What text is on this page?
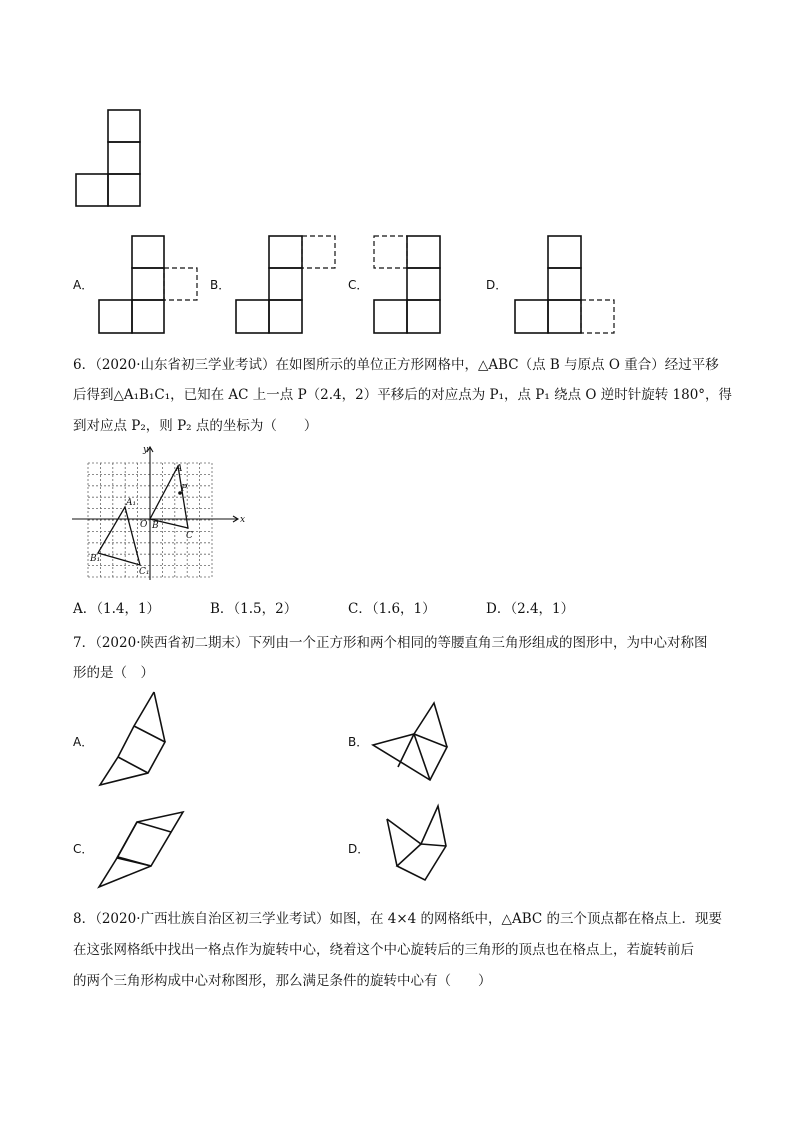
A．	B．	C．	D．
6．（2020·山东省初三学业考试）在如图所示的单位正方形网格中，△ABC（点 B 与原点 O 重合）经过平移
后得到△A₁B₁C₁，已知在 AC 上一点 P（2.4，2）平移后的对应点为 P₁，点 P₁ 绕点 O 逆时针旋转 180°，得
到对应点 P₂，则 P₂ 点的坐标为（　　）
x
y
A
P
O B
C
A₁
B₁
C₁
A．（1.4，1）	B．（1.5，2）	C．（1.6，1）	D．（2.4，1）
7．（2020·陕西省初二期末）下列由一个正方形和两个相同的等腰直角三角形组成的图形中，为中心对称图
形的是（　）
A．	B．
C．	D．
8．（2020·广西壮族自治区初三学业考试）如图，在 4×4 的网格纸中，△ABC 的三个顶点都在格点上．现要
在这张网格纸中找出一格点作为旋转中心，绕着这个中心旋转后的三角形的顶点也在格点上，若旋转前后
的两个三角形构成中心对称图形，那么满足条件的旋转中心有（　　）
